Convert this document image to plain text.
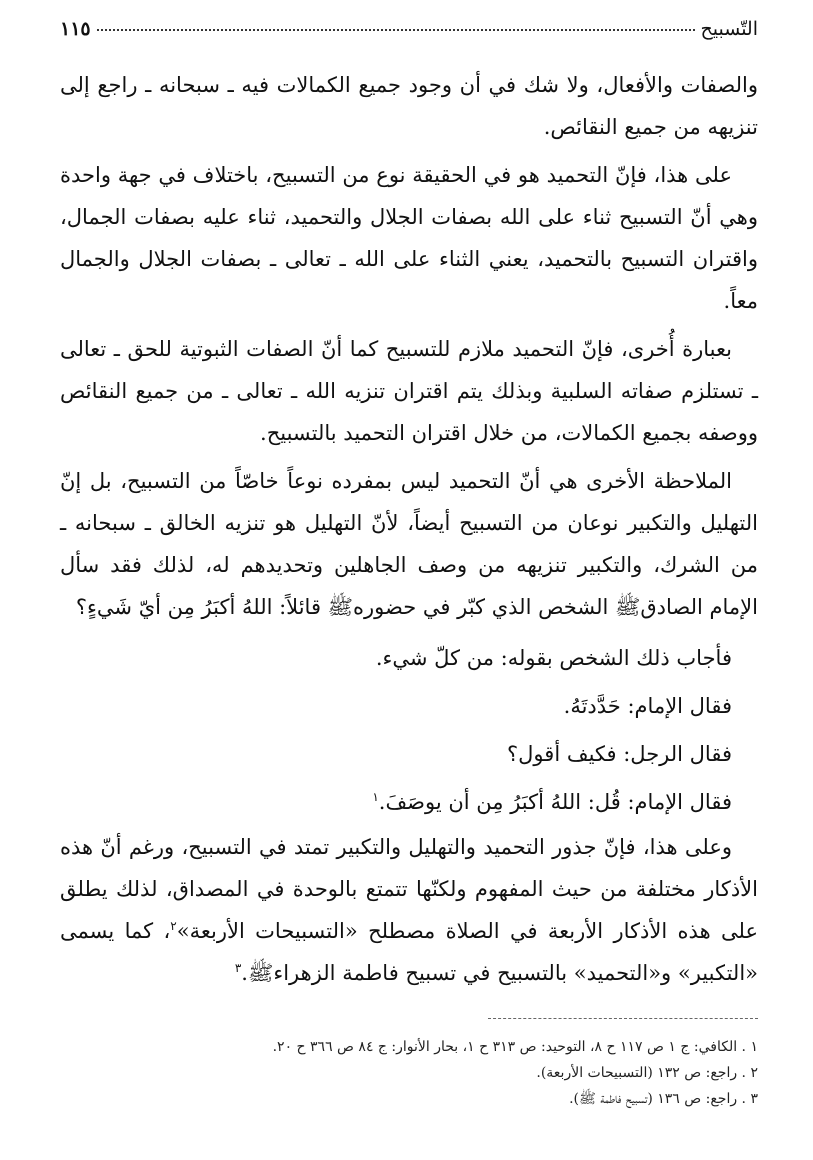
التّسبيح
١١٥

والصفات والأفعال، ولا شك في أن وجود جميع الكمالات فيه ـ سبحانه ـ راجع إلى تنزيهه من جميع النقائص.

على هذا، فإنّ التحميد هو في الحقيقة نوع من التسبيح، باختلاف في جهة واحدة وهي أنّ التسبيح ثناء على الله بصفات الجلال والتحميد، ثناء عليه بصفات الجمال، واقتران التسبيح بالتحميد، يعني الثناء على الله ـ تعالى ـ بصفات الجلال والجمال معاً.

بعبارة أُخرى، فإنّ التحميد ملازم للتسبيح كما أنّ الصفات الثبوتية للحق ـ تعالى ـ تستلزم صفاته السلبية وبذلك يتم اقتران تنزيه الله ـ تعالى ـ من جميع النقائص ووصفه بجميع الكمالات، من خلال اقتران التحميد بالتسبيح.

الملاحظة الأخرى هي أنّ التحميد ليس بمفرده نوعاً خاصّاً من التسبيح، بل إنّ التهليل والتكبير نوعان من التسبيح أيضاً، لأنّ التهليل هو تنزيه الخالق ـ سبحانه ـ من الشرك، والتكبير تنزيهه من وصف الجاهلين وتحديدهم له، لذلك فقد سأل الإمام الصادقﷺ الشخص الذي كبّر في حضورهﷺ قائلاً: اللهُ أكبَرُ مِن أيّ شَيءٍ؟

فأجاب ذلك الشخص بقوله: من كلّ شيء.

فقال الإمام: حَدَّدتَهُ.

فقال الرجل: فكيف أقول؟

فقال الإمام: قُل: اللهُ أكبَرُ مِن أن يوصَفَ.$^١$

وعلى هذا، فإنّ جذور التحميد والتهليل والتكبير تمتد في التسبيح، ورغم أنّ هذه الأذكار مختلفة من حيث المفهوم ولكنّها تتمتع بالوحدة في المصداق، لذلك يطلق على هذه الأذكار الأربعة في الصلاة مصطلح «التسبيحات الأربعة»$^٢$، كما يسمى «التكبير» و«التحميد» بالتسبيح في تسبيح فاطمة الزهراءﷺ.$^٣$

١ . الكافي: ج ١ ص ١١٧ ح ٨، التوحيد: ص ٣١٣ ح ١، بحار الأنوار: ج ٨٤ ص ٣٦٦ ح ٢٠.
٢ . راجع: ص ١٣٢ (التسبيحات الأربعة).
٣ . راجع: ص ١٣٦ (تسبيح فاطمة ﷺ).
